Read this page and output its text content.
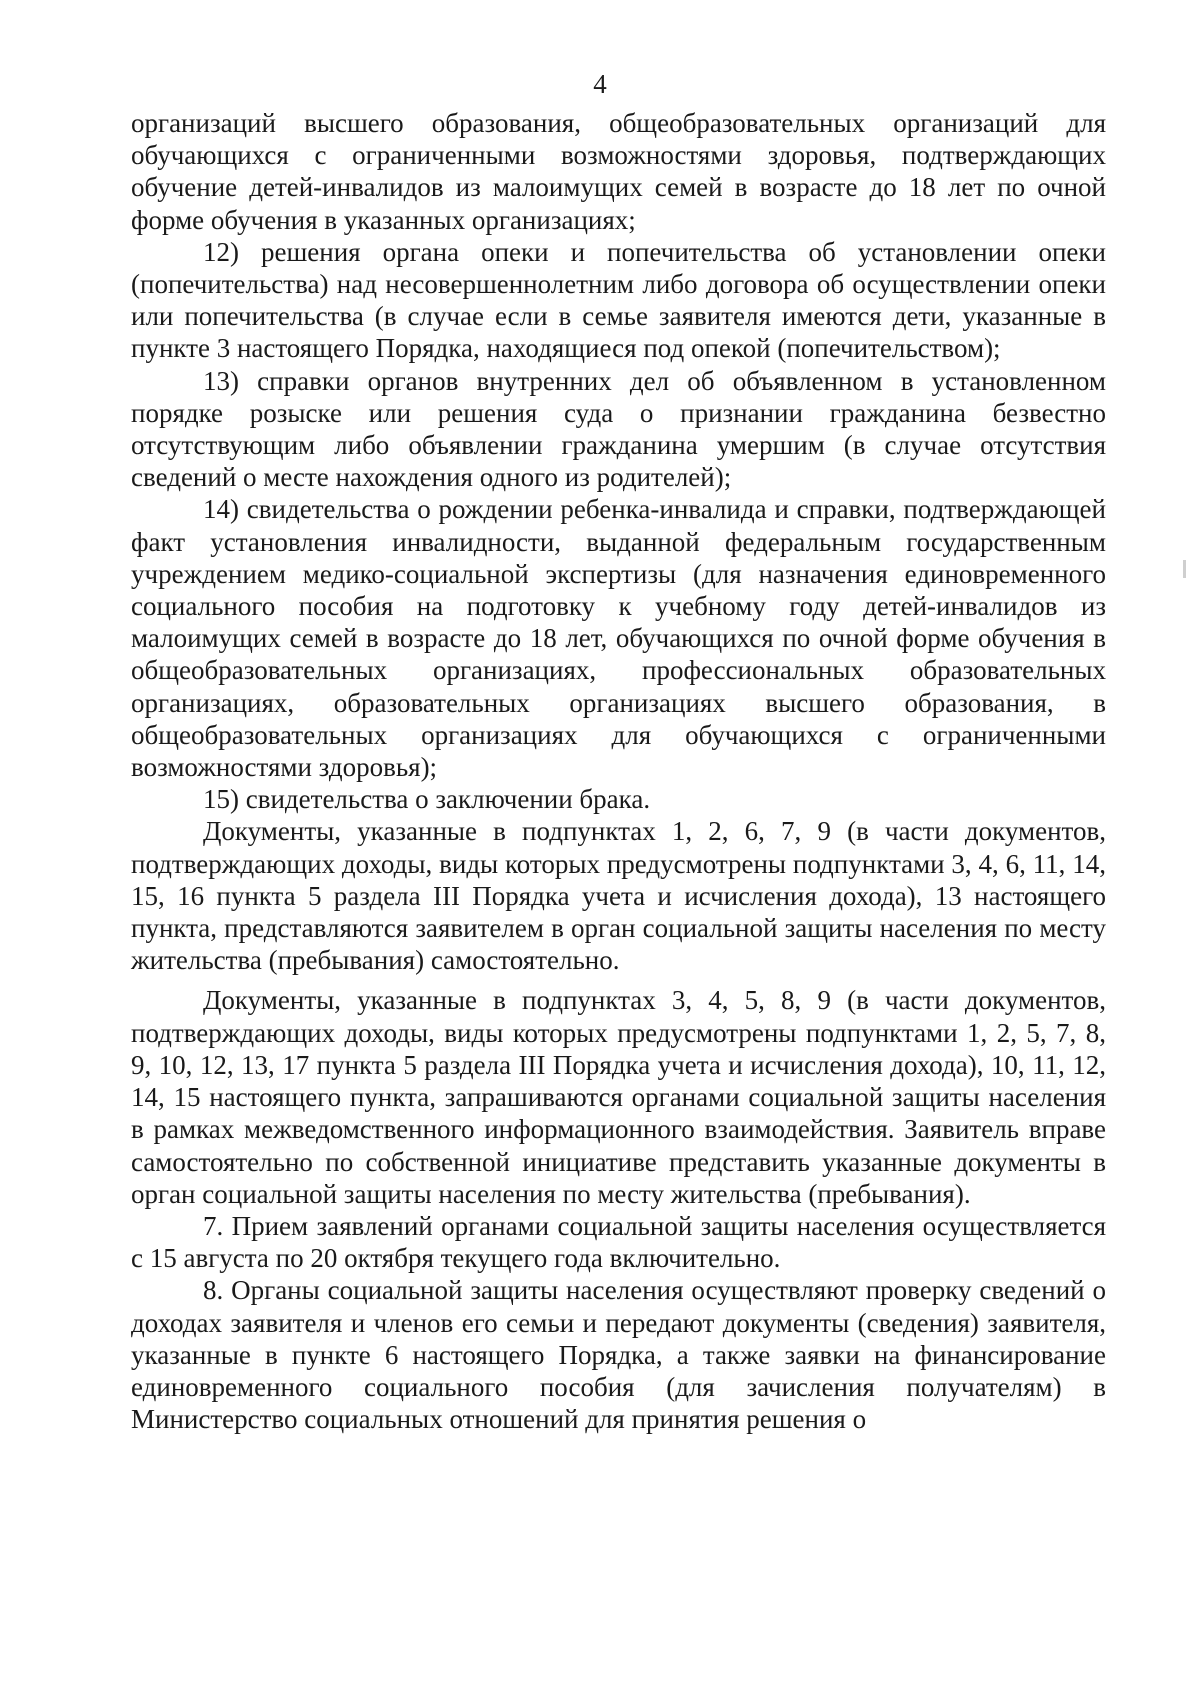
4

организаций высшего образования, общеобразовательных организаций для обучающихся с ограниченными возможностями здоровья, подтверждающих обучение детей-инвалидов из малоимущих семей в возрасте до 18 лет по очной форме обучения в указанных организациях;

12) решения органа опеки и попечительства об установлении опеки (попечительства) над несовершеннолетним либо договора об осуществлении опеки или попечительства (в случае если в семье заявителя имеются дети, указанные в пункте 3 настоящего Порядка, находящиеся под опекой (попечительством);

13) справки органов внутренних дел об объявленном в установленном порядке розыске или решения суда о признании гражданина безвестно отсутствующим либо объявлении гражданина умершим (в случае отсутствия сведений о месте нахождения одного из родителей);

14) свидетельства о рождении ребенка-инвалида и справки, подтверждающей факт установления инвалидности, выданной федеральным государственным учреждением медико-социальной экспертизы (для назначения единовременного социального пособия на подготовку к учебному году детей-инвалидов из малоимущих семей в возрасте до 18 лет, обучающихся по очной форме обучения в общеобразовательных организациях, профессиональных образовательных организациях, образовательных организациях высшего образования, в общеобразовательных организациях для обучающихся с ограниченными возможностями здоровья);

15) свидетельства о заключении брака.

Документы, указанные в подпунктах 1, 2, 6, 7, 9 (в части документов, подтверждающих доходы, виды которых предусмотрены подпунктами 3, 4, 6, 11, 14, 15, 16 пункта 5 раздела III Порядка учета и исчисления дохода), 13 настоящего пункта, представляются заявителем в орган социальной защиты населения по месту жительства (пребывания) самостоятельно.

Документы, указанные в подпунктах 3, 4, 5, 8, 9 (в части документов, подтверждающих доходы, виды которых предусмотрены подпунктами 1, 2, 5, 7, 8, 9, 10, 12, 13, 17 пункта 5 раздела III Порядка учета и исчисления дохода), 10, 11, 12, 14, 15 настоящего пункта, запрашиваются органами социальной защиты населения в рамках межведомственного информационного взаимодействия. Заявитель вправе самостоятельно по собственной инициативе представить указанные документы в орган социальной защиты населения по месту жительства (пребывания).

7. Прием заявлений органами социальной защиты населения осуществляется с 15 августа по 20 октября текущего года включительно.

8. Органы социальной защиты населения осуществляют проверку сведений о доходах заявителя и членов его семьи и передают документы (сведения) заявителя, указанные в пункте 6 настоящего Порядка, а также заявки на финансирование единовременного социального пособия (для зачисления получателям) в Министерство социальных отношений для принятия решения о
